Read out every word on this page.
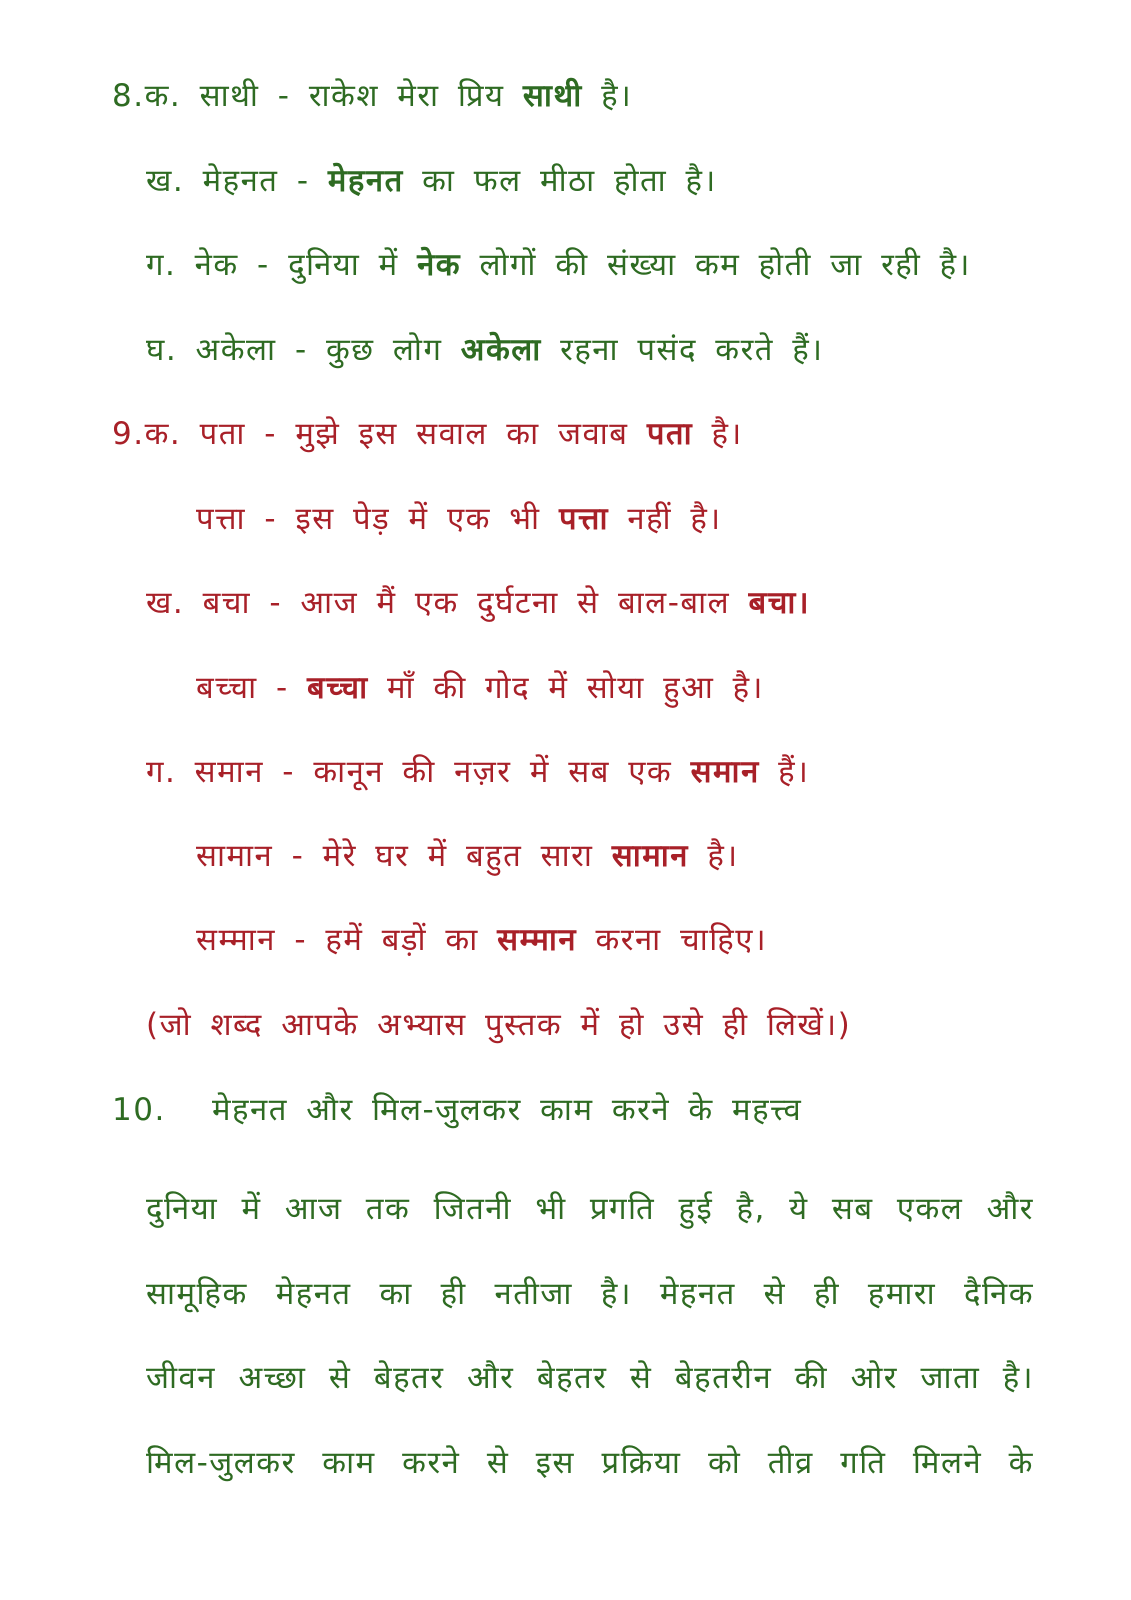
8.क. साथी - राकेश मेरा प्रिय साथी है।
ख. मेहनत - मेहनत का फल मीठा होता है।
ग. नेक - दुनिया में नेक लोगों की संख्या कम होती जा रही है।
घ. अकेला - कुछ लोग अकेला रहना पसंद करते हैं।
9.क. पता - मुझे इस सवाल का जवाब पता है।
पत्ता - इस पेड़ में एक भी पत्ता नहीं है।
ख. बचा - आज मैं एक दुर्घटना से बाल-बाल बचा।
बच्चा - बच्चा माँ की गोद में सोया हुआ है।
ग. समान - कानून की नज़र में सब एक समान हैं।
सामान - मेरे घर में बहुत सारा सामान है।
सम्मान - हमें बड़ों का सम्मान करना चाहिए।
(जो शब्द आपके अभ्यास पुस्तक में हो उसे ही लिखें।)
10. मेहनत और मिल-जुलकर काम करने के महत्त्व
दुनिया में आज तक जितनी भी प्रगति हुई है, ये सब एकल और
सामूहिक मेहनत का ही नतीजा है। मेहनत से ही हमारा दैनिक
जीवन अच्छा से बेहतर और बेहतर से बेहतरीन की ओर जाता है।
मिल-जुलकर काम करने से इस प्रक्रिया को तीव्र गति मिलने के
